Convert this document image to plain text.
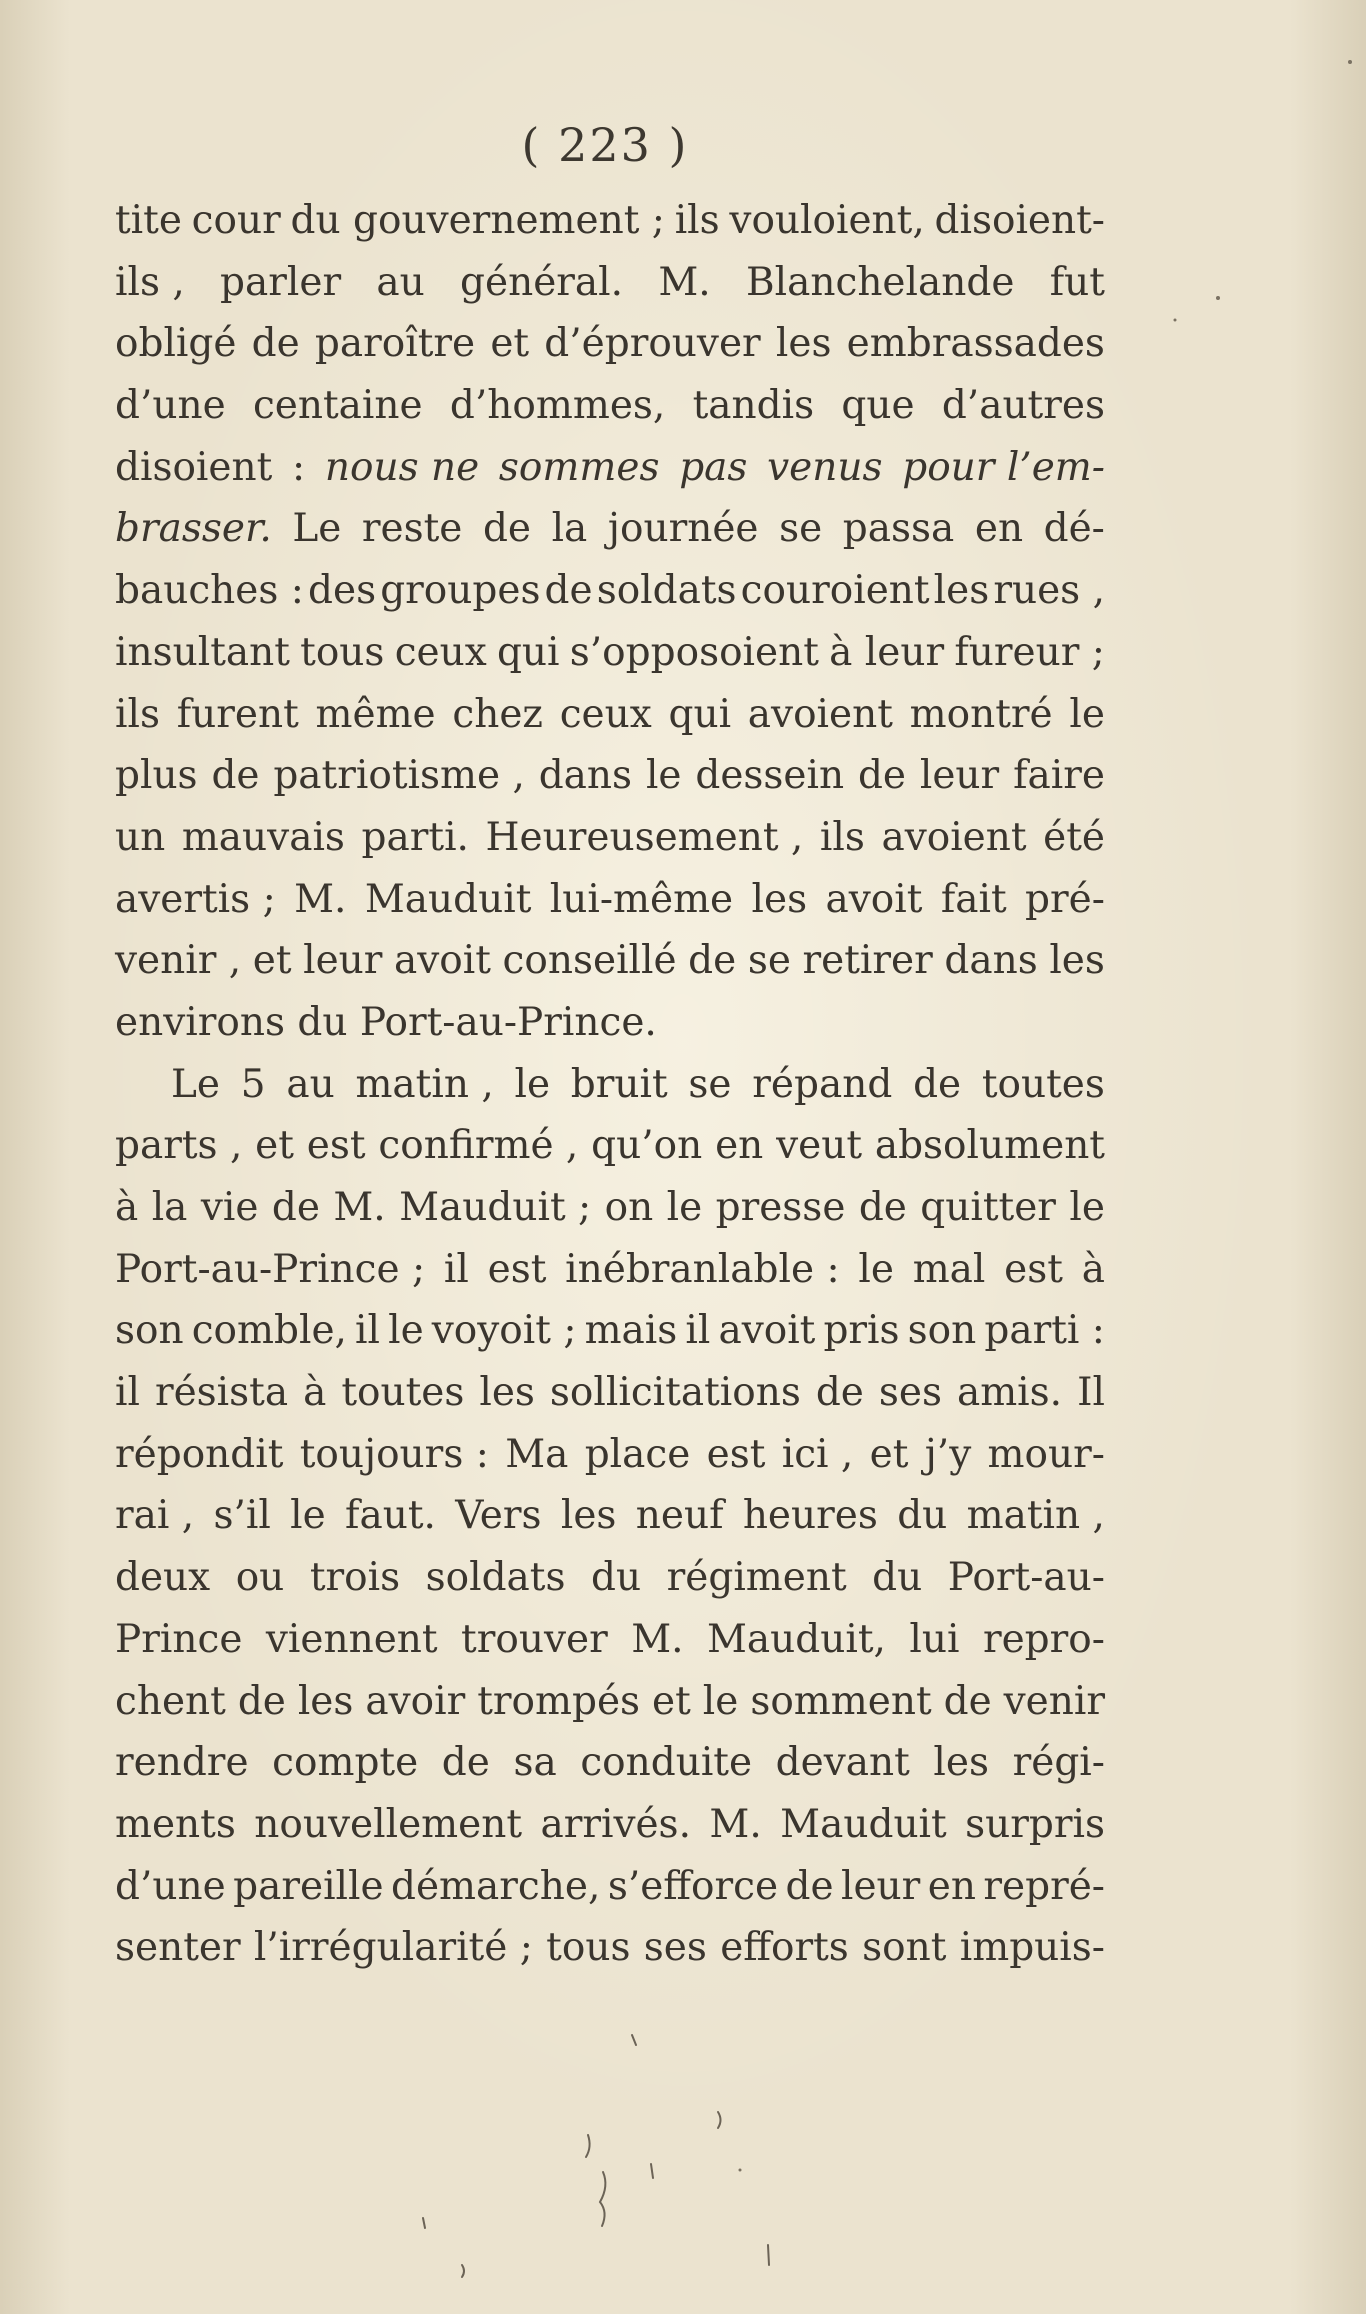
( 223 )
tite cour du gouvernement ; ils vouloient, disoient-
ils , parler au général. M. Blanchelande fut
obligé de paroître et d’éprouver les embrassades
d’une centaine d’hommes, tandis que d’autres
disoient : nous ne sommes pas venus pour l’em-
brasser. Le reste de la journée se passa en dé-
bauches : des groupes de soldats couroient les rues ,
insultant tous ceux qui s’opposoient à leur fureur ;
ils furent même chez ceux qui avoient montré le
plus de patriotisme , dans le dessein de leur faire
un mauvais parti. Heureusement , ils avoient été
avertis ; M. Mauduit lui-même les avoit fait pré-
venir , et leur avoit conseillé de se retirer dans les
environs du Port-au-Prince.
Le 5 au matin , le bruit se répand de toutes
parts , et est confirmé , qu’on en veut absolument
à la vie de M. Mauduit ; on le presse de quitter le
Port-au-Prince ; il est inébranlable : le mal est à
son comble, il le voyoit ; mais il avoit pris son parti :
il résista à toutes les sollicitations de ses amis. Il
répondit toujours : Ma place est ici , et j’y mour-
rai , s’il le faut. Vers les neuf heures du matin ,
deux ou trois soldats du régiment du Port-au-
Prince viennent trouver M. Mauduit, lui repro-
chent de les avoir trompés et le somment de venir
rendre compte de sa conduite devant les régi-
ments nouvellement arrivés. M. Mauduit surpris
d’une pareille démarche, s’efforce de leur en repré-
senter l’irrégularité ; tous ses efforts sont impuis-
